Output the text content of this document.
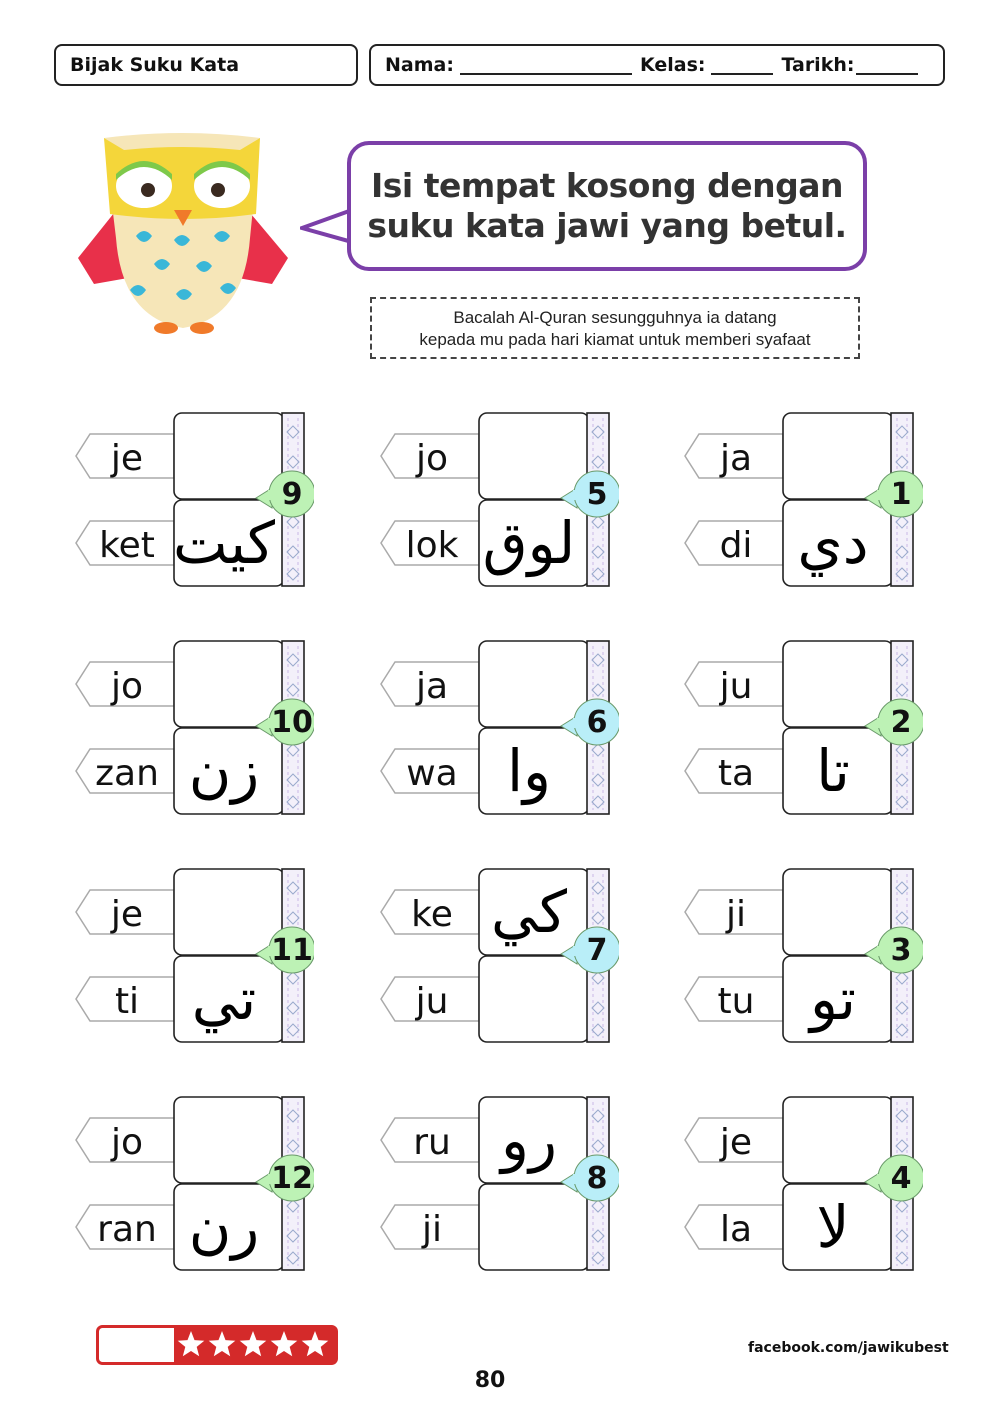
Bijak Suku Kata	Nama:	Kelas:	Tarikh:
Isi tempat kosong dengan
suku kata jawi yang betul.
Bacalah Al-Quran sesungguhnya ia datang
kepada mu pada hari kiamat untuk memberi syafaat
je
ket كيت
9
jo
lok لوق
5
ja
di دي
1
jo
zan زن
10
ja
wa وا
6
ju
ta	تا
2
je
ti تي
11
ke
ju
كي
7
ji
tu تو
3
jo
ran رن
12
ru
ji
رو
8
je
la	لا
4
facebook.com/jawikubest
80
